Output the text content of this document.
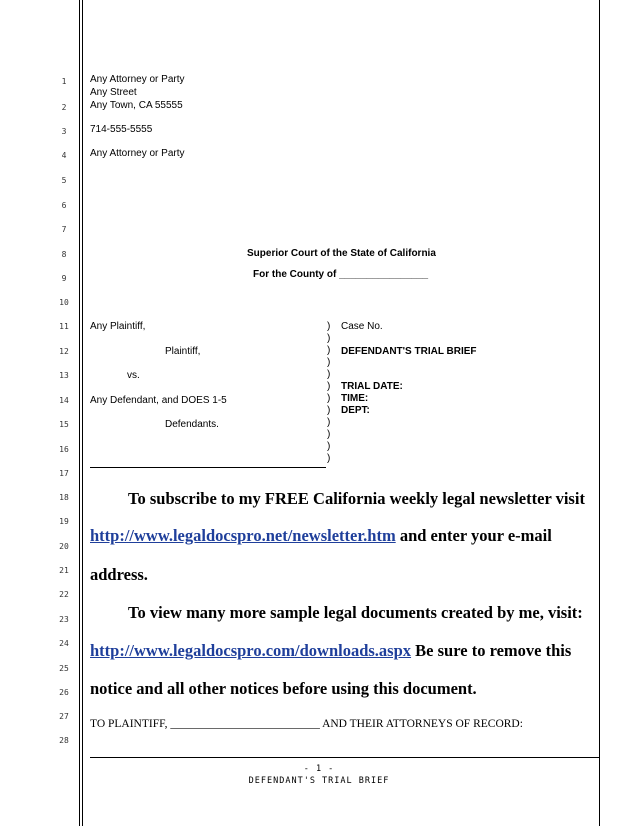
1
2
3
4
5
6
7
8
9
10
11
12
13
14
15
16
17
18
19
20
21
22
23
24
25
26
27
28
Any Attorney or Party
Any Street
Any Town, CA 55555
714-555-5555
Any Attorney or Party
Superior Court of the State of California
For the County of ________________
Any Plaintiff,
Plaintiff,
vs.
Any Defendant, and DOES 1-5
Defendants.
)
)
)
)
)
)
)
)
)
)
)
)
Case No.
DEFENDANT'S TRIAL BRIEF
TRIAL DATE:
TIME:
DEPT:
To subscribe to my FREE California weekly legal newsletter visit
http://www.legaldocspro.net/newsletter.htm and enter your e-mail
address.
To view many more sample legal documents created by me, visit:
http://www.legaldocspro.com/downloads.aspx Be sure to remove this
notice and all other notices before using this document.
TO PLAINTIFF, __________________________ AND THEIR ATTORNEYS OF RECORD:
- 1 -
DEFENDANT'S TRIAL BRIEF
